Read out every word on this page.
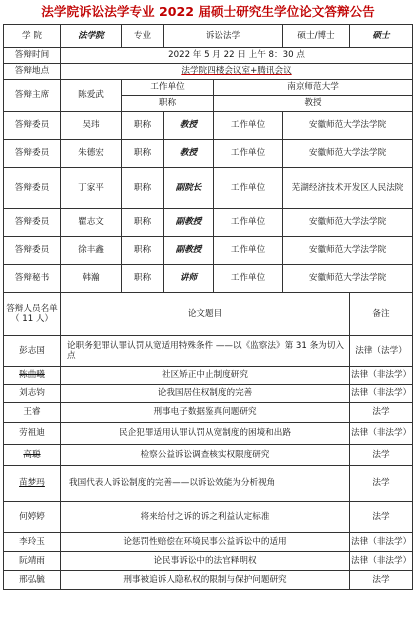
法学院诉讼法学专业 2022 届硕士研究生学位论文答辩公告
学 院	法学院	专业	诉讼法学		硕士/博士	硕士
答辩时间	2022 年 5 月 22 日 上午 8：30 点					
答辩地点	法学院四楼会议室+腾讯会议					
答辩主席	陈爱武	工作单位		南京师范大学		
		职称		教授		
答辩委员	吴玮	职称	教授	工作单位	安徽师范大学法学院	
答辩委员	朱德宏	职称	教授	工作单位	安徽师范大学法学院	
答辩委员	丁家平	职称	副院长	工作单位	芜湖经济技术开发区人民法院	
答辩委员	瞿志文	职称	副教授	工作单位	安徽师范大学法学院	
答辩委员	徐丰鑫	职称	副教授	工作单位	安徽师范大学法学院	
答辩秘书	韩瀚	职称	讲师	工作单位	安徽师范大学法学院	
答辩人员名单（ 11 人）	论文题目					备注
彭志国	论职务犯罪认罪认罚从宽适用特殊条件 ——以《监察法》第 31 条为切入点					法律（法学）
陈曲曦	社区矫正中止制度研究					法律（非法学）
刘志钧	论我国居住权制度的完善					法律（非法学）
王睿	刑事电子数据鉴真问题研究					法学
劳祖迪	民企犯罪适用认罪认罚从宽制度的困境和出路					法律（非法学）
高聪	检察公益诉讼调查核实权限度研究					法学
苗梦玛	我国代表人诉讼制度的完善——以诉讼效能为分析视角					法学
何婷婷	将来给付之诉的诉之利益认定标准					法学
李玲玉	论惩罚性赔偿在环境民事公益诉讼中的适用					法律（非法学）
阮靖雨	论民事诉讼中的法官释明权					法律（非法学）
邢弘毓	刑事被追诉人隐私权的限制与保护问题研究					法学
